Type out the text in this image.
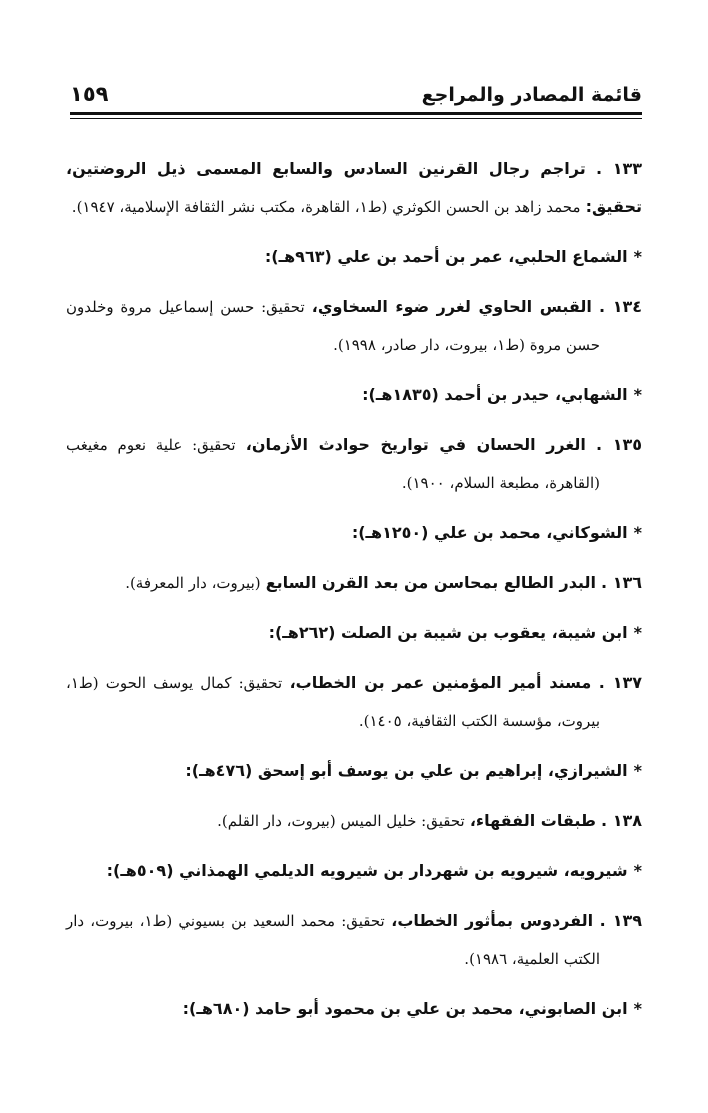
قائمة المصادر والمراجع
١٥٩

١٣٣ . تراجم رجال القرنين السادس والسابع المسمى ذيل الروضتين، تحقيق: محمد زاهد بن الحسن الكوثري (ط١، القاهرة، مكتب نشر الثقافة الإسلامية، ١٩٤٧).

*الشماع الحلبي، عمر بن أحمد بن علي (٩٦٣هـ):

١٣٤ . القبس الحاوي لغرر ضوء السخاوي، تحقيق: حسن إسماعيل مروة وخلدون حسن مروة (ط١، بيروت، دار صادر، ١٩٩٨).

*الشهابي، حيدر بن أحمد (١٨٣٥هـ):

١٣٥ . الغرر الحسان في تواريخ حوادث الأزمان، تحقيق: علية نعوم مغيغب (القاهرة، مطبعة السلام، ١٩٠٠).

*الشوكاني، محمد بن علي (١٢٥٠هـ):

١٣٦ . البدر الطالع بمحاسن من بعد القرن السابع (بيروت، دار المعرفة).

*ابن شيبة، يعقوب بن شيبة بن الصلت (٢٦٢هـ):

١٣٧ . مسند أمير المؤمنين عمر بن الخطاب، تحقيق: كمال يوسف الحوت (ط١، بيروت، مؤسسة الكتب الثقافية، ١٤٠٥).

*الشيرازي، إبراهيم بن علي بن يوسف أبو إسحق (٤٧٦هـ):

١٣٨ . طبقات الفقهاء، تحقيق: خليل الميس (بيروت، دار القلم).

*شيرويه، شيرويه بن شهردار بن شيرويه الديلمي الهمذاني (٥٠٩هـ):

١٣٩ . الفردوس بمأثور الخطاب، تحقيق: محمد السعيد بن بسيوني (ط١، بيروت، دار الكتب العلمية، ١٩٨٦).

*ابن الصابوني، محمد بن علي بن محمود أبو حامد (٦٨٠هـ):
